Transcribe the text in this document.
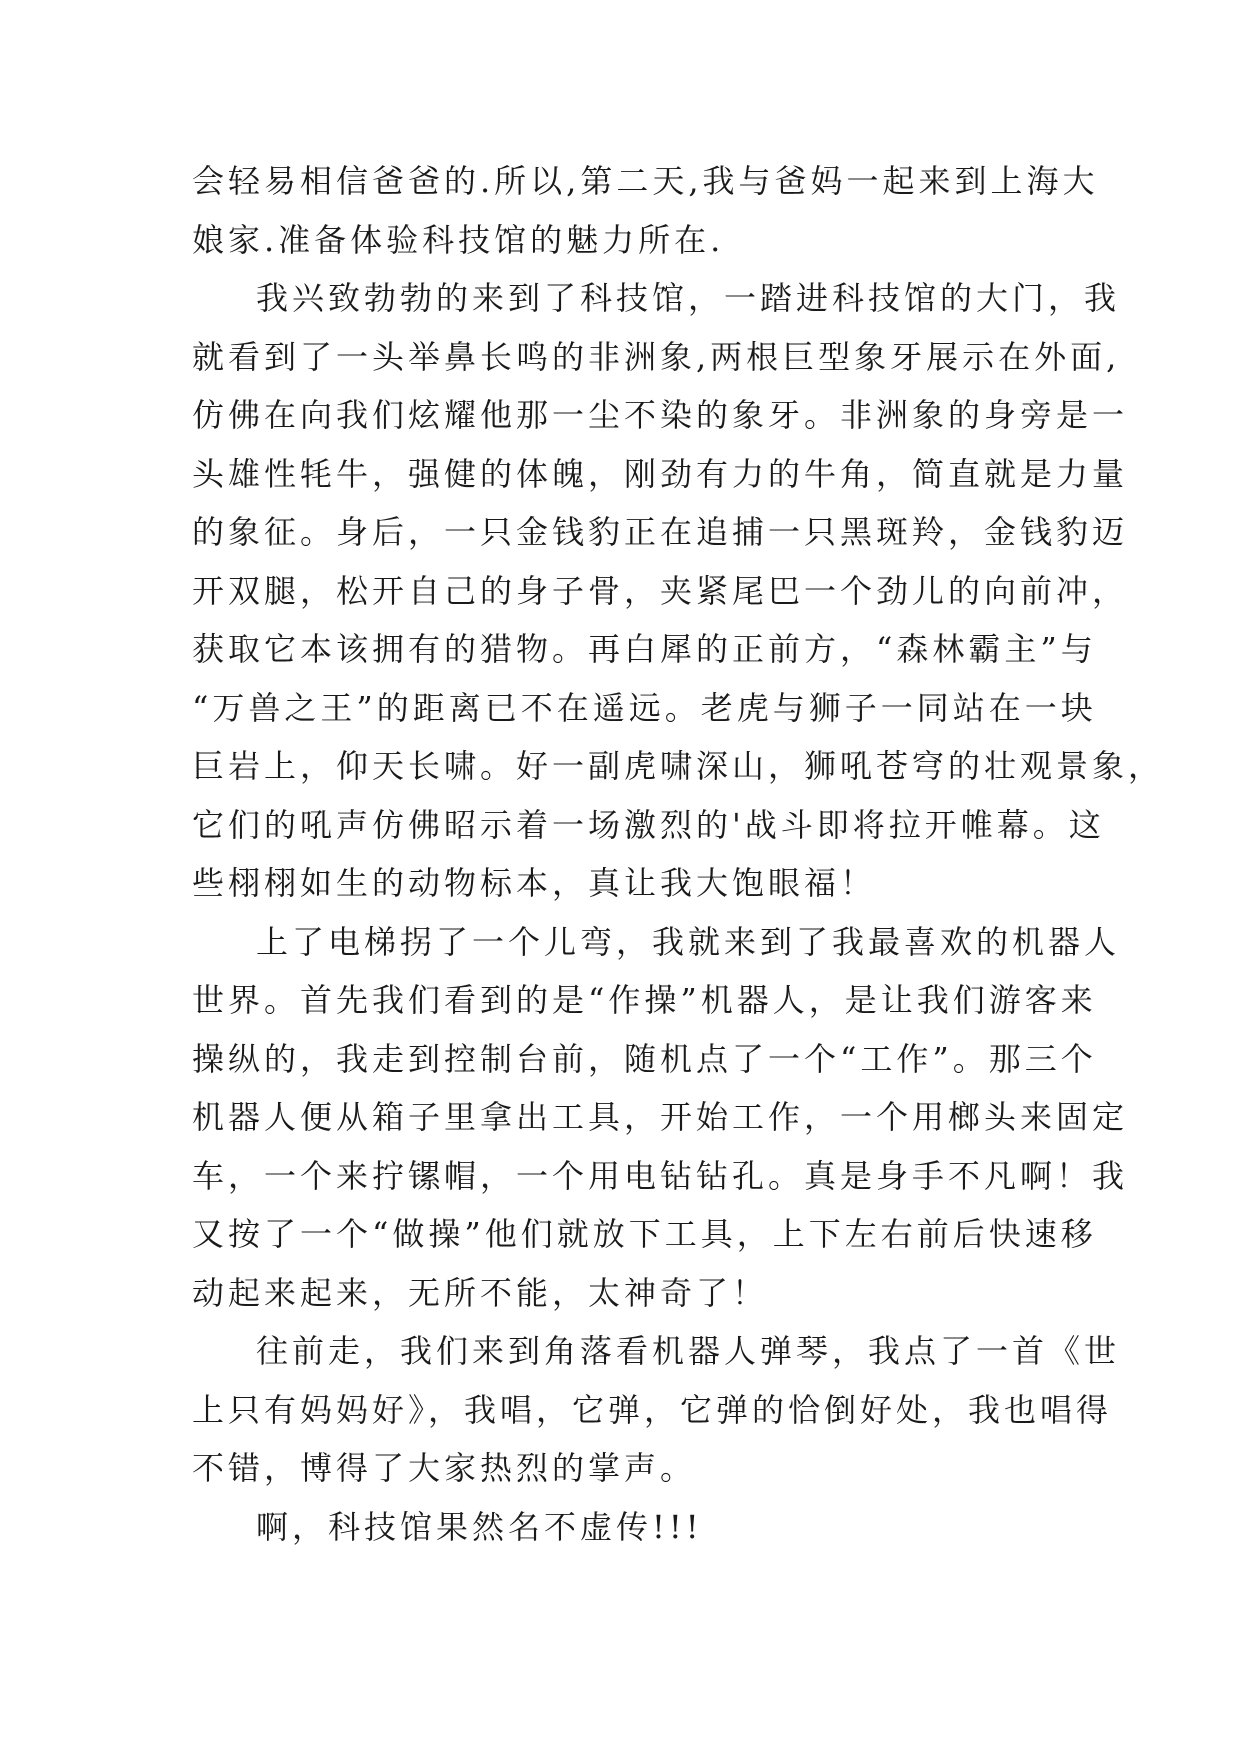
会轻易相信爸爸的.所以,第二天,我与爸妈一起来到上海大
娘家.准备体验科技馆的魅力所在.
我兴致勃勃的来到了科技馆，一踏进科技馆的大门，我
就看到了一头举鼻长鸣的非洲象,两根巨型象牙展示在外面,
仿佛在向我们炫耀他那一尘不染的象牙。非洲象的身旁是一
头雄性牦牛，强健的体魄，刚劲有力的牛角，简直就是力量
的象征。身后，一只金钱豹正在追捕一只黑斑羚，金钱豹迈
开双腿，松开自己的身子骨，夹紧尾巴一个劲儿的向前冲，
获取它本该拥有的猎物。再白犀的正前方，“森林霸主”与
“万兽之王”的距离已不在遥远。老虎与狮子一同站在一块
巨岩上，仰天长啸。好一副虎啸深山，狮吼苍穹的壮观景象，
它们的吼声仿佛昭示着一场激烈的'战斗即将拉开帷幕。这
些栩栩如生的动物标本，真让我大饱眼福！
上了电梯拐了一个儿弯，我就来到了我最喜欢的机器人
世界。首先我们看到的是“作操”机器人，是让我们游客来
操纵的，我走到控制台前，随机点了一个“工作”。那三个
机器人便从箱子里拿出工具，开始工作，一个用榔头来固定
车，一个来拧镙帽，一个用电钻钻孔。真是身手不凡啊！我
又按了一个“做操”他们就放下工具，上下左右前后快速移
动起来起来，无所不能，太神奇了！
往前走，我们来到角落看机器人弹琴，我点了一首《世
上只有妈妈好》，我唱，它弹，它弹的恰倒好处，我也唱得
不错，博得了大家热烈的掌声。
啊，科技馆果然名不虚传!!!
